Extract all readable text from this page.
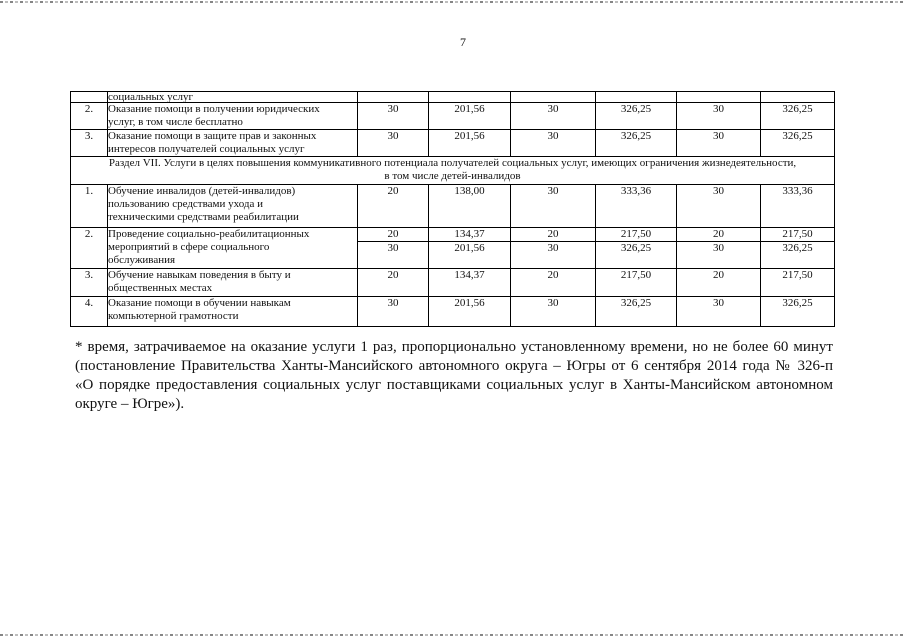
7

	социальных услуг						

2.	Оказание помощи в получении юридических
услуг, в том числе бесплатно	30	201,56	30	326,25	30	326,25
3.	Оказание помощи в защите прав и законных
интересов получателей социальных услуг	30	201,56	30	326,25	30	326,25

Раздел VII. Услуги в целях повышения коммуникативного потенциала получателей социальных услуг, имеющих ограничения жизнедеятельности,
в том числе детей-инвалидов							

1.	Обучение инвалидов (детей-инвалидов)
пользованию средствами ухода и
техническими средствами реабилитации	20	138,00	30	333,36	30	333,36
2.	Проведение социально-реабилитационных
мероприятий в сфере социального
обслуживания	20	134,37	20	217,50	20	217,50
		30	201,56	30	326,25	30	326,25
3.	Обучение навыкам поведения в быту и
общественных местах	20	134,37	20	217,50	20	217,50
4.	Оказание помощи в обучении навыкам
компьютерной грамотности	30	201,56	30	326,25	30	326,25
* время, затрачиваемое на оказание услуги 1 раз, пропорционально установленному времени, но не более 60 минут
(постановление Правительства Ханты-Мансийского автономного округа – Югры от 6 сентября 2014 года № 326-п
«О порядке предоставления социальных услуг поставщиками социальных услуг в Ханты-Мансийском автономном
округе – Югре»).
